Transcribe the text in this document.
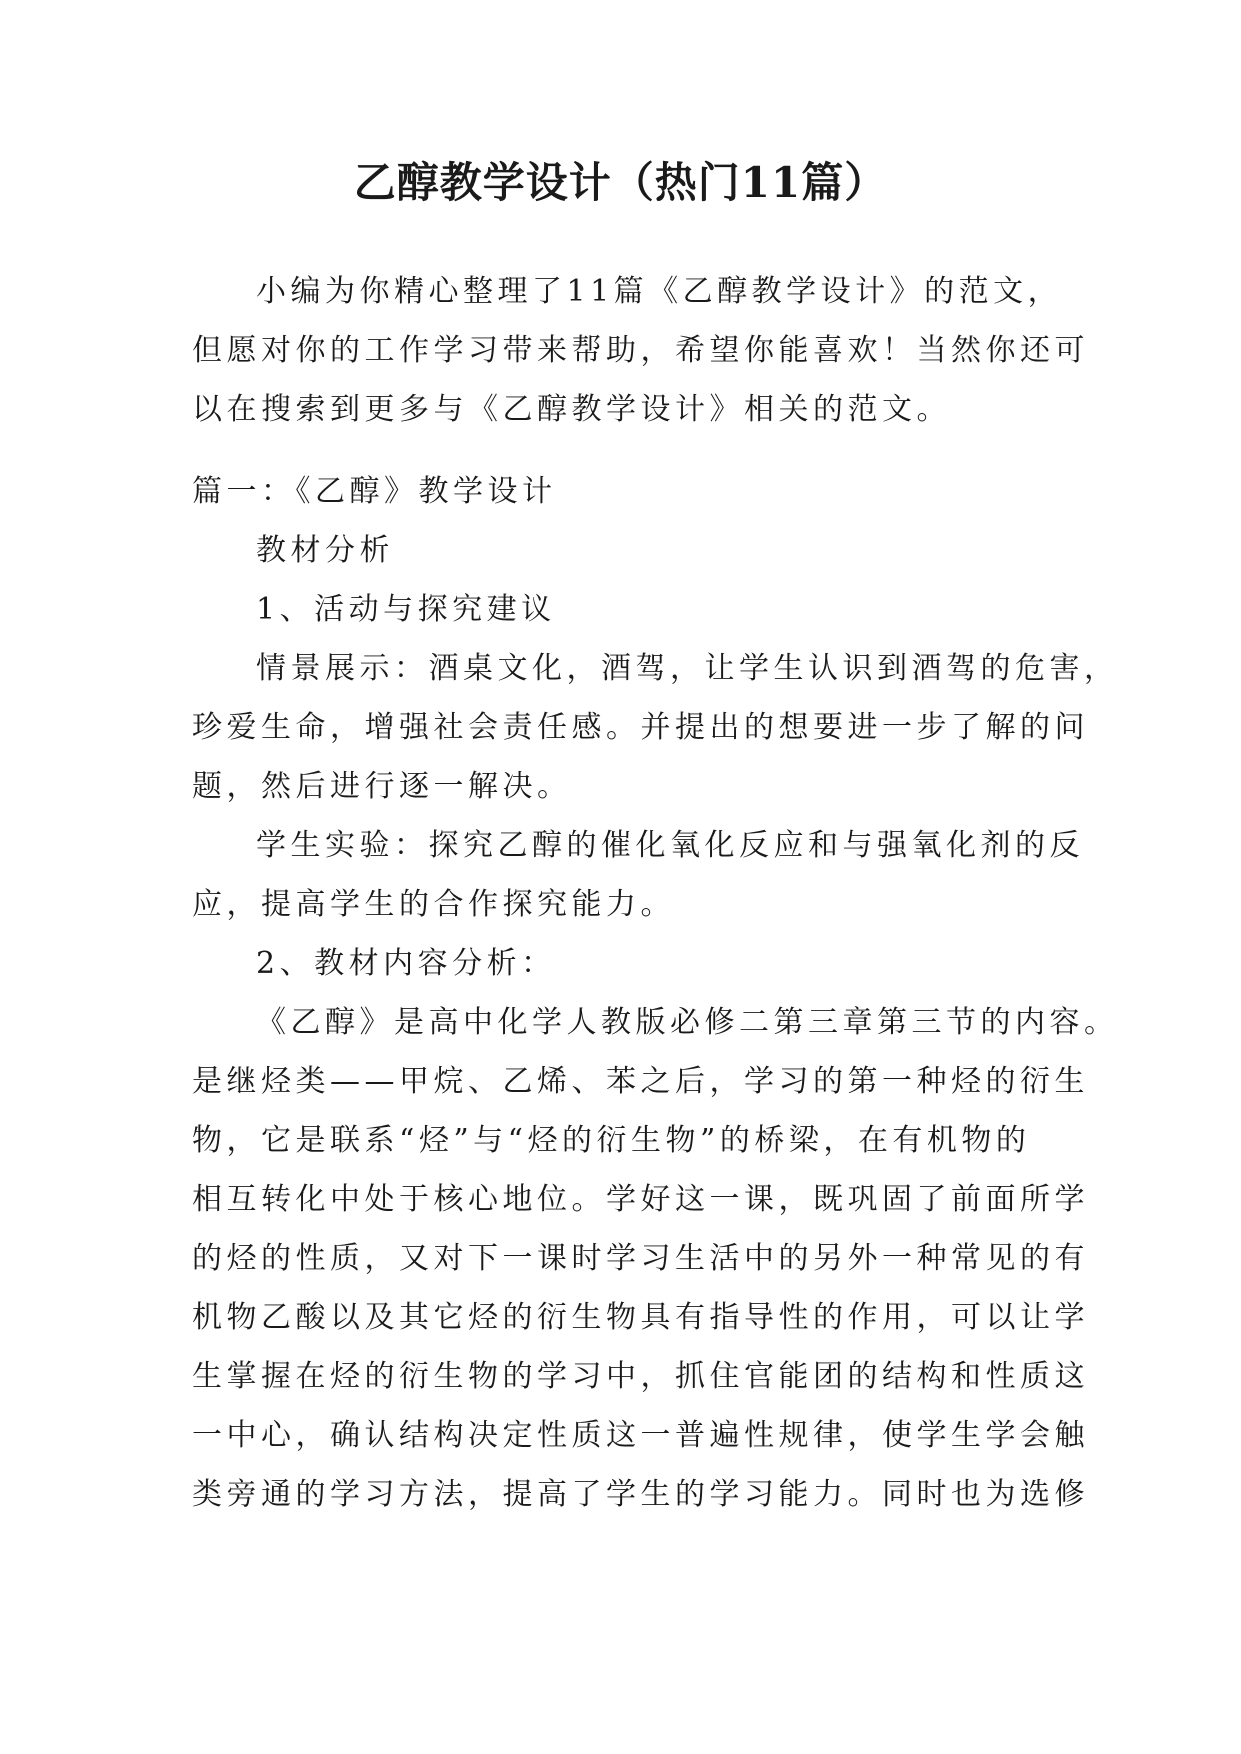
乙醇教学设计（热门11篇）
小编为你精心整理了11篇《乙醇教学设计》的范文，
但愿对你的工作学习带来帮助，希望你能喜欢！当然你还可
以在搜索到更多与《乙醇教学设计》相关的范文。
篇一：《乙醇》教学设计
教材分析
1、活动与探究建议
情景展示：酒桌文化，酒驾，让学生认识到酒驾的危害，
珍爱生命，增强社会责任感。并提出的想要进一步了解的问
题，然后进行逐一解决。
学生实验：探究乙醇的催化氧化反应和与强氧化剂的反
应，提高学生的合作探究能力。
2、教材内容分析：
《乙醇》是高中化学人教版必修二第三章第三节的内容。
是继烃类——甲烷、乙烯、苯之后，学习的第一种烃的衍生
物，它是联系“烃”与“烃的衍生物”的桥梁，在有机物的
相互转化中处于核心地位。学好这一课，既巩固了前面所学
的烃的性质，又对下一课时学习生活中的另外一种常见的有
机物乙酸以及其它烃的衍生物具有指导性的作用，可以让学
生掌握在烃的衍生物的学习中，抓住官能团的结构和性质这
一中心，确认结构决定性质这一普遍性规律，使学生学会触
类旁通的学习方法，提高了学生的学习能力。同时也为选修
